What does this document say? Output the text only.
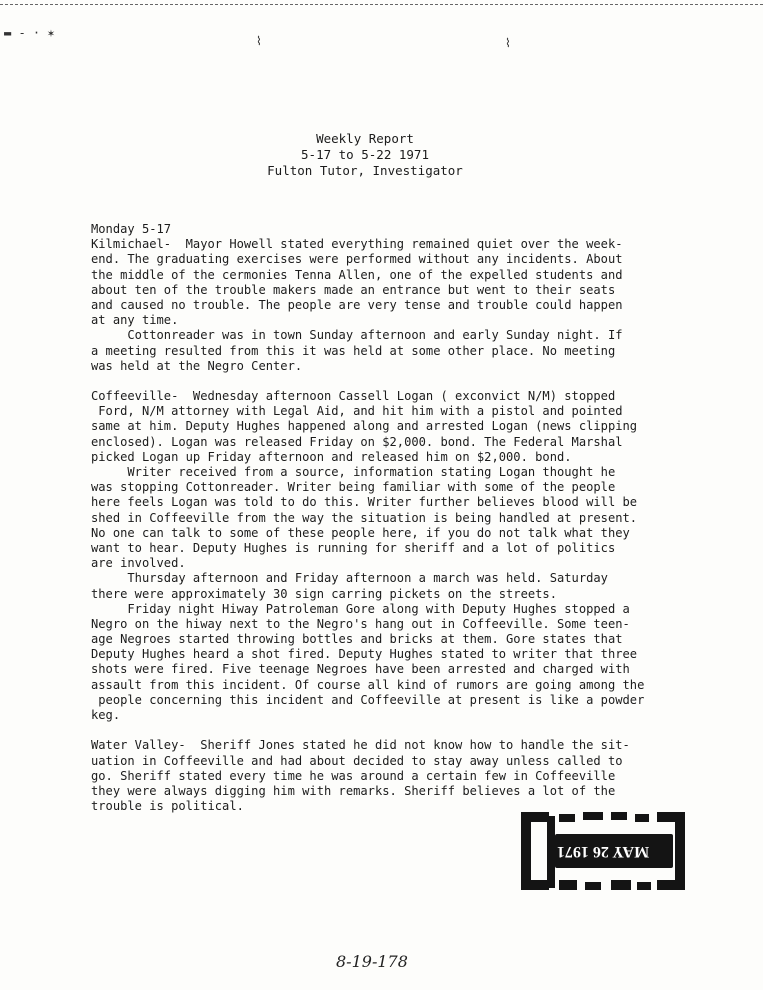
▬ - · ✶
⌇	⌇
Weekly Report
5-17 to 5-22 1971
Fulton Tutor, Investigator
Monday 5-17
Kilmichael-  Mayor Howell stated everything remained quiet over the week-
end. The graduating exercises were performed without any incidents. About
the middle of the cermonies Tenna Allen, one of the expelled students and
about ten of the trouble makers made an entrance but went to their seats
and caused no trouble. The people are very tense and trouble could happen
at any time.
Cottonreader was in town Sunday afternoon and early Sunday night. If
a meeting resulted from this it was held at some other place. No meeting
was held at the Negro Center.
Coffeeville-  Wednesday afternoon Cassell Logan ( exconvict N/M) stopped
Ford, N/M attorney with Legal Aid, and hit him with a pistol and pointed
same at him. Deputy Hughes happened along and arrested Logan (news clipping
enclosed). Logan was released Friday on $2,000. bond. The Federal Marshal
picked Logan up Friday afternoon and released him on $2,000. bond.
Writer received from a source, information stating Logan thought he
was stopping Cottonreader. Writer being familiar with some of the people
here feels Logan was told to do this. Writer further believes blood will be
shed in Coffeeville from the way the situation is being handled at present.
No one can talk to some of these people here, if you do not talk what they
want to hear. Deputy Hughes is running for sheriff and a lot of politics
are involved.
Thursday afternoon and Friday afternoon a march was held. Saturday
there were approximately 30 sign carring pickets on the streets.
Friday night Hiway Patroleman Gore along with Deputy Hughes stopped a
Negro on the hiway next to the Negro's hang out in Coffeeville. Some teen-
age Negroes started throwing bottles and bricks at them. Gore states that
Deputy Hughes heard a shot fired. Deputy Hughes stated to writer that three
shots were fired. Five teenage Negroes have been arrested and charged with
assault from this incident. Of course all kind of rumors are going among the
people concerning this incident and Coffeeville at present is like a powder
keg.
Water Valley-  Sheriff Jones stated he did not know how to handle the sit-
uation in Coffeeville and had about decided to stay away unless called to
go. Sheriff stated every time he was around a certain few in Coffeeville
they were always digging him with remarks. Sheriff believes a lot of the
trouble is political.
MAY 26 1971
8-19-178
